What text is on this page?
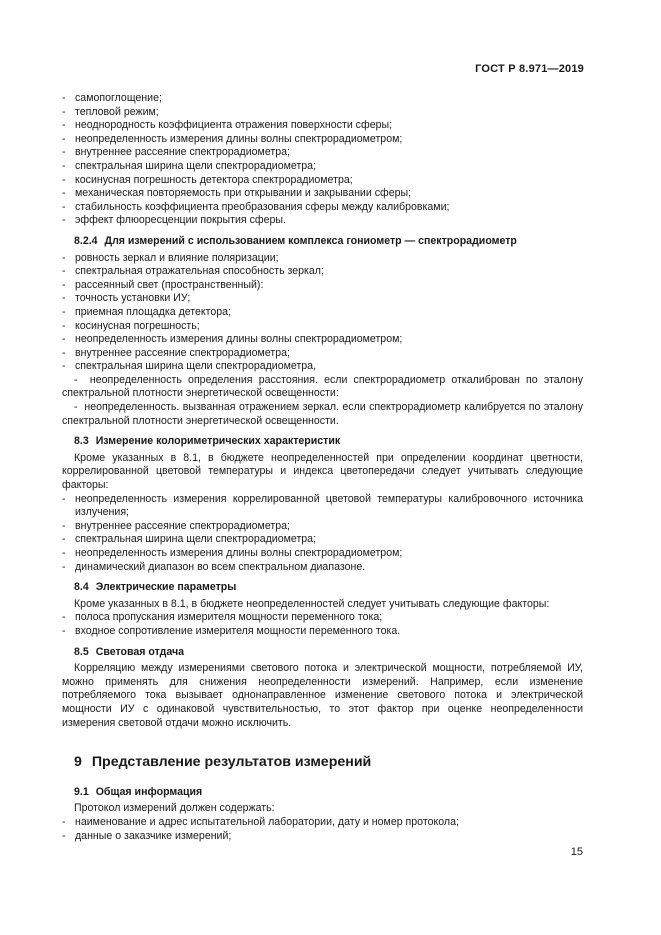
ГОСТ Р 8.971—2019

- самопоглощение;

- тепловой режим;

- неоднородность коэффициента отражения поверхности сферы;

- неопределенность измерения длины волны спектрорадиометром;

- внутреннее рассеяние спектрорадиометра;

- спектральная ширина щели спектрорадиометра;

- косинусная погрешность детектора спектрорадиометра;

- механическая повторяемость при открывании и закрывании сферы;

- стабильность коэффициента преобразования сферы между калибровками;

- эффект флюоресценции покрытия сферы.

8.2.4 Для измерений с использованием комплекса гониометр — спектрорадиометр

- ровность зеркал и влияние поляризации;

- спектральная отражательная способность зеркал;

- рассеянный свет (пространственный):

- точность установки ИУ;

- приемная площадка детектора;

- косинусная погрешность;

- неопределенность измерения длины волны спектрорадиометром;

- внутреннее рассеяние спектрорадиометра;

- спектральная ширина щели спектрорадиометра,

-  неопределенность определения расстояния. если спектрорадиометр откалиброван по эталону спектральной плотности энергетической освещенности:

-  неопределенность. вызванная отражением зеркал. если спектрорадиометр калибруется по эталону спектральной плотности энергетической освещенности.

8.3 Измерение колориметрических характеристик

Кроме указанных в 8.1, в бюджете неопределенностей при определении координат цветности, коррелированной цветовой температуры и индекса цветопередачи следует учитывать следующие факторы:

- неопределенность измерения коррелированной цветовой температуры калибровочного источника излучения;

- внутреннее рассеяние спектрорадиометра;

- спектральная ширина щели спектрорадиометра;

- неопределенность измерения длины волны спектрорадиометром;

- динамический диапазон во всем спектральном диапазоне.

8.4 Электрические параметры

Кроме указанных в 8.1, в бюджете неопределенностей следует учитывать следующие факторы:

- полоса пропускания измерителя мощности переменного тока;

- входное сопротивление измерителя мощности переменного тока.

8.5 Световая отдача

Корреляцию между измерениями светового потока и электрической мощности, потребляемой ИУ, можно применять для снижения неопределенности измерений. Например, если изменение потребляемого тока вызывает однонаправленное изменение светового потока и электрической мощности ИУ с одинаковой чувствительностью, то этот фактор при оценке неопределенности измерения световой отдачи можно исключить.

9 Представление результатов измерений
9.1 Общая информация

Протокол измерений должен содержать:

- наименование и адрес испытательной лаборатории, дату и номер протокола;

- данные о заказчике измерений;

15
